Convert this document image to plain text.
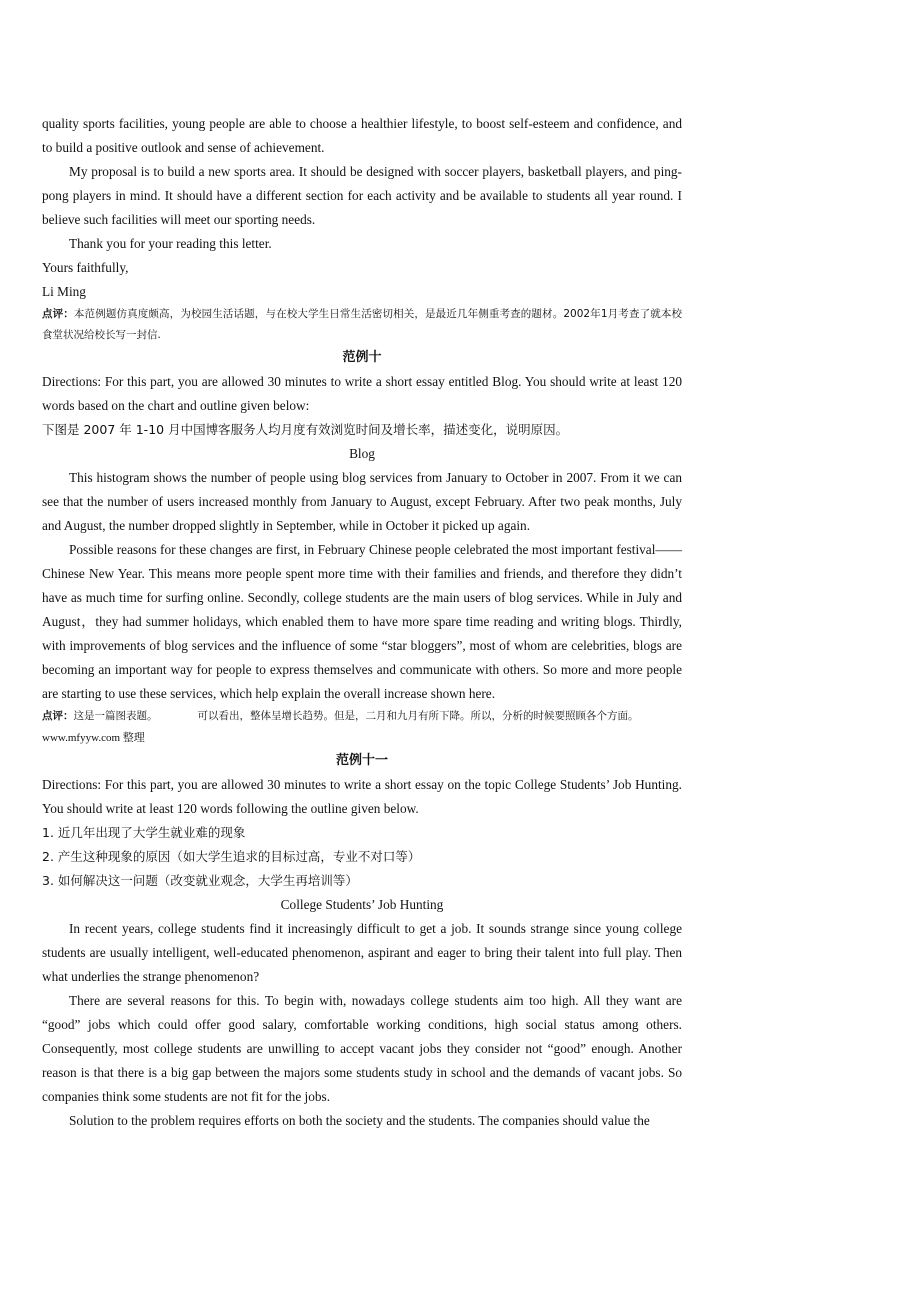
quality sports facilities, young people are able to choose a healthier lifestyle, to boost self-esteem and confidence, and to build a positive outlook and sense of achievement.

My proposal is to build a new sports area. It should be designed with soccer players, basketball players, and ping-pong players in mind. It should have a different section for each activity and be available to students all year round. I believe such facilities will meet our sporting needs.

Thank you for your reading this letter.

Yours faithfully,

Li Ming

点评：本范例题仿真度颇高，为校园生活话题，与在校大学生日常生活密切相关，是最近几年侧重考查的题材。2002年1月考查了就本校食堂状况给校长写一封信.

范例十

Directions: For this part, you are allowed 30 minutes to write a short essay entitled Blog. You should write at least 120 words based on the chart and outline given below:

下图是 2007 年 1-10 月中国博客服务人均月度有效浏览时间及增长率，描述变化，说明原因。

Blog

This histogram shows the number of people using blog services from January to October in 2007. From it we can see that the number of users increased monthly from January to August, except February. After two peak months, July and August, the number dropped slightly in September, while in October it picked up again.

Possible reasons for these changes are first, in February Chinese people celebrated the most important festival——Chinese New Year. This means more people spent more time with their families and friends, and therefore they didn’t have as much time for surfing online. Secondly, college students are the main users of blog services. While in July and August，they had summer holidays, which enabled them to have more spare time reading and writing blogs. Thirdly, with improvements of blog services and the influence of some “star bloggers”, most of whom are celebrities, blogs are becoming an important way for people to express themselves and communicate with others. So more and more people are starting to use these services, which help explain the overall increase shown here.

点评：这是一篇图表题。	可以看出，整体呈增长趋势。但是，二月和九月有所下降。所以，分析的时候要照顾各个方面。

www.mfyyw.com 整理

范例十一

Directions: For this part, you are allowed 30 minutes to write a short essay on the topic College Students’ Job Hunting. You should write at least 120 words following the outline given below.

1. 近几年出现了大学生就业难的现象

2. 产生这种现象的原因（如大学生追求的目标过高，专业不对口等）

3. 如何解决这一问题（改变就业观念，大学生再培训等）

College Students’ Job Hunting

In recent years, college students find it increasingly difficult to get a job. It sounds strange since young college students are usually intelligent, well-educated phenomenon, aspirant and eager to bring their talent into full play. Then what underlies the strange phenomenon?

There are several reasons for this. To begin with, nowadays college students aim too high. All they want are “good” jobs which could offer good salary, comfortable working conditions, high social status among others. Consequently, most college students are unwilling to accept vacant jobs they consider not “good” enough. Another reason is that there is a big gap between the majors some students study in school and the demands of vacant jobs. So companies think some students are not fit for the jobs.

Solution to the problem requires efforts on both the society and the students. The companies should value the
